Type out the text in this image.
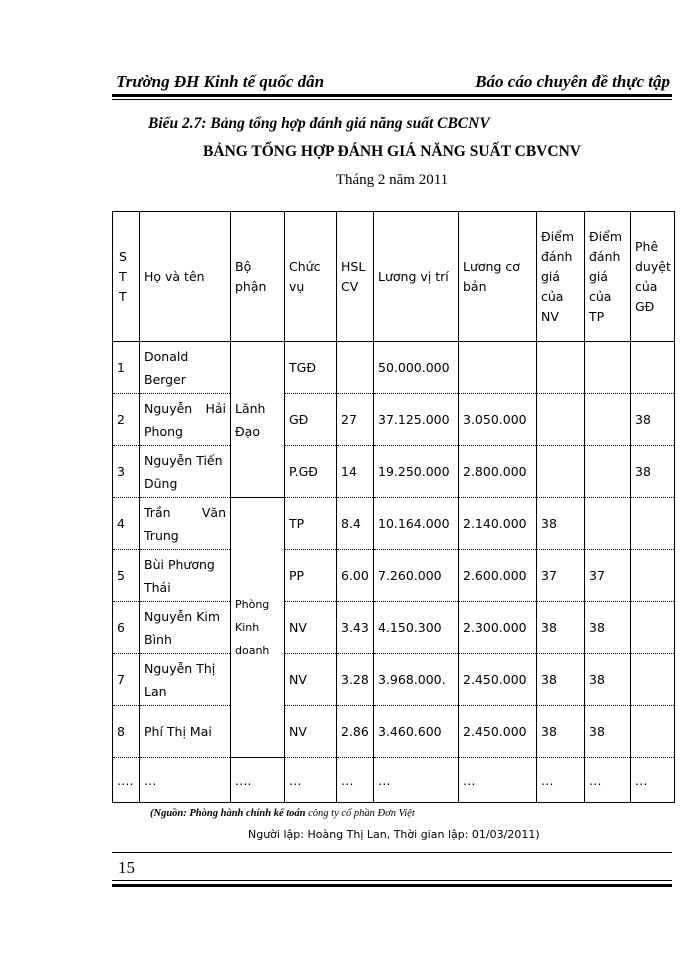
Trường ĐH Kinh tế quốc dân	Báo cáo chuyên đề thực tập
Biểu 2.7: Bảng tổng hợp đánh giá năng suất CBCNV
BẢNG TỔNG HỢP ĐÁNH GIÁ NĂNG SUẤT CBVCNV
Tháng 2 năm 2011
STT	Họ và tên	Bộ phận	Chức vụ	HSLCV	Lương vị trí	Lương cơ bản	Điểm đánh giá của NV	Điểm đánh giá của TP	Phê duyệt của GĐ
1	Donald Berger	Lãnh Đạo	TGĐ		50.000.000				
2	Nguyễn Hải Phong		GĐ	27	37.125.000	3.050.000			38
3	Nguyễn Tiến Dũng		P.GĐ	14	19.250.000	2.800.000			38
4	Trần Văn Trung	Phòng Kinh doanh	TP	8.4	10.164.000	2.140.000	38		
5	Bùi Phương Thái		PP	6.00	7.260.000	2.600.000	37	37	
6	Nguyễn Kim Bình		NV	3.43	4.150.300	2.300.000	38	38	
7	Nguyễn Thị Lan		NV	3.28	3.968.000.	2.450.000	38	38	
8	Phí Thị Mai		NV	2.86	3.460.600	2.450.000	38	38	
….	…	….	…	…	…	…	…	…	…
(Nguồn: Phòng hành chính kế toán công ty cổ phần Đơn Việt
Người lập: Hoàng Thị Lan, Thời gian lập: 01/03/2011)
15
